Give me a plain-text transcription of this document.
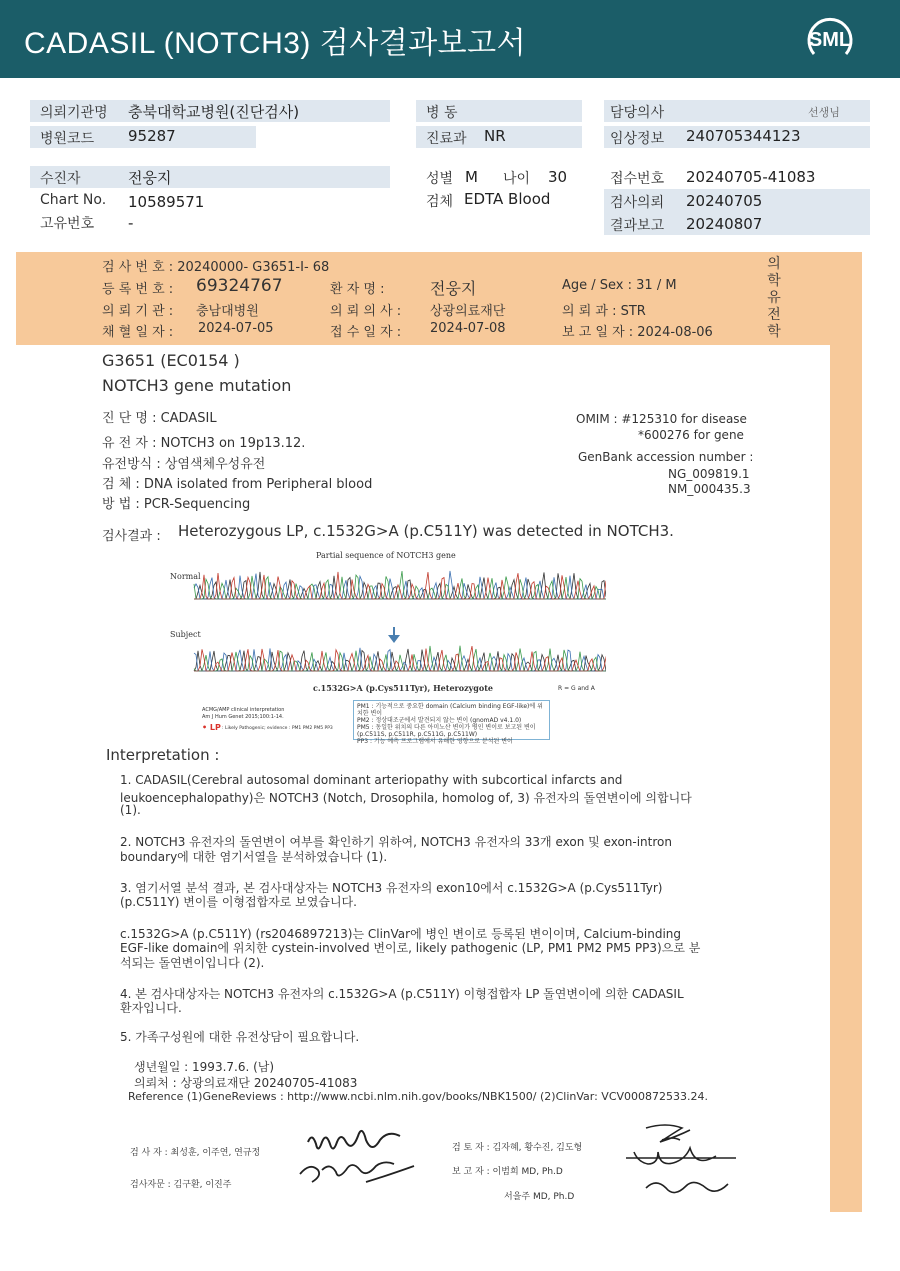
CADASIL (NOTCH3) 검사결과보고서	SML
의뢰기관명 충북대학교병원(진단검사)
병원코드 95287
병 동
진료과 NR
담당의사	선생님
임상정보 240705344123
수진자	전웅지
Chart No. 10589571
고유번호 -
성별 M 나이 30
검체 EDTA Blood
접수번호 20240705-41083
검사의뢰 20240705
결과보고 20240807
검 사 번 호 : 20240000- G3651-I- 68
등 록 번 호 : 69324767	환 자 명 :	전웅지	Age / Sex : 31 / M
의 뢰 기 관 : 충남대병원	의 뢰 의 사 : 상광의료재단	의 뢰 과 : STR
채 혈 일 자 : 2024-07-05	접 수 일 자 : 2024-07-08	보 고 일 자 : 2024-08-06
의학유전학
G3651 (EC0154 )
NOTCH3 gene mutation
진 단 명 : CADASIL
유 전 자 : NOTCH3 on 19p13.12.
유전방식 : 상염색체우성유전
검 체 : DNA isolated from Peripheral blood
방 법 : PCR-Sequencing
OMIM : #125310 for disease
*600276 for gene
GenBank accession number :
NG_009819.1
NM_000435.3
검사결과 : Heterozygous LP, c.1532G>A (p.C511Y) was detected in NOTCH3.
Partial sequence of NOTCH3 gene
Normal
Subject
c.1532G>A (p.Cys511Tyr), Heterozygote	R = G and A
ACMG/AMP clinical interpretation
Am J Hum Genet 2015;100:1-14.
• LP : Likely Pathogenic; evidence : PM1 PM2 PM5 PP3
PM1 : 기능적으로 중요한 domain (Calcium binding EGF-like)에 위치한 변이
PM2 : 정상대조군에서 발견되지 않는 변이 (gnomAD v4.1.0)
PM5 : 동일한 위치의 다른 아미노산 변이가 병인 변이로 보고된 변이
(p.C511S, p.C511R, p.C511G, p.C511W)
PP3 : 기능 예측 프로그램에서 유해한 영향으로 분석된 변이
Interpretation :
1. CADASIL(Cerebral autosomal dominant arteriopathy with subcortical infarcts and
leukoencephalopathy)은 NOTCH3 (Notch, Drosophila, homolog of, 3) 유전자의 돌연변이에 의합니다
(1).
2. NOTCH3 유전자의 돌연변이 여부를 확인하기 위하여, NOTCH3 유전자의 33개 exon 및 exon-intron
boundary에 대한 염기서열을 분석하였습니다 (1).
3. 염기서열 분석 결과, 본 검사대상자는 NOTCH3 유전자의 exon10에서 c.1532G>A (p.Cys511Tyr)
(p.C511Y) 변이를 이형접합자로 보였습니다.
c.1532G>A (p.C511Y) (rs2046897213)는 ClinVar에 병인 변이로 등록된 변이이며, Calcium-binding
EGF-like domain에 위치한 cystein-involved 변이로, likely pathogenic (LP, PM1 PM2 PM5 PP3)으로 분
석되는 돌연변이입니다 (2).
4. 본 검사대상자는 NOTCH3 유전자의 c.1532G>A (p.C511Y) 이형접합자 LP 돌연변이에 의한 CADASIL
환자입니다.
5. 가족구성원에 대한 유전상담이 필요합니다.
생년월일 : 1993.7.6. (남)
의뢰처 : 상광의료재단 20240705-41083
Reference (1)GeneReviews : http://www.ncbi.nlm.nih.gov/books/NBK1500/ (2)ClinVar: VCV000872533.24.
검 사 자 : 최성훈, 이주연, 연규정
검사자문 : 김구환, 이진주
검 토 자 : 김자혜, 황수진, 김도형
보 고 자 : 이범희 MD, Ph.D
서을주 MD, Ph.D
